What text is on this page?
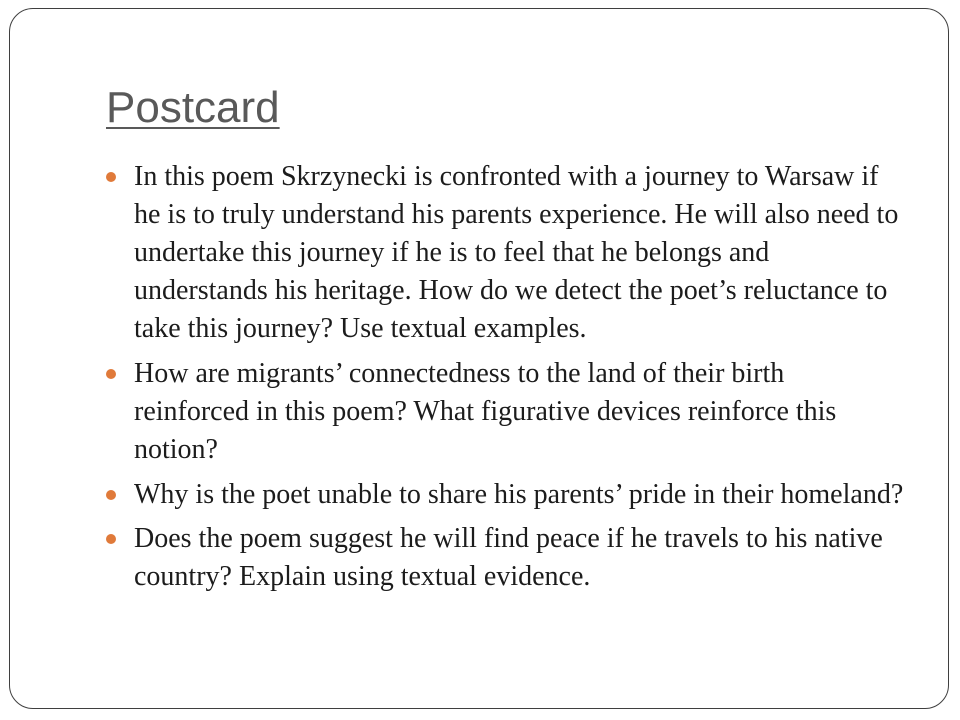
Postcard
In this poem Skrzynecki is confronted with a journey to Warsaw if he is to truly understand his parents experience. He will also need to undertake this journey if he is to feel that he belongs and understands his heritage. How do we detect the poet’s reluctance to take this journey? Use textual examples.
How are migrants’ connectedness to the land of their birth reinforced in this poem? What figurative devices reinforce this notion?
Why is the poet unable to share his parents’ pride in their homeland?
Does the poem suggest he will find peace if he travels to his native country? Explain using textual evidence.
